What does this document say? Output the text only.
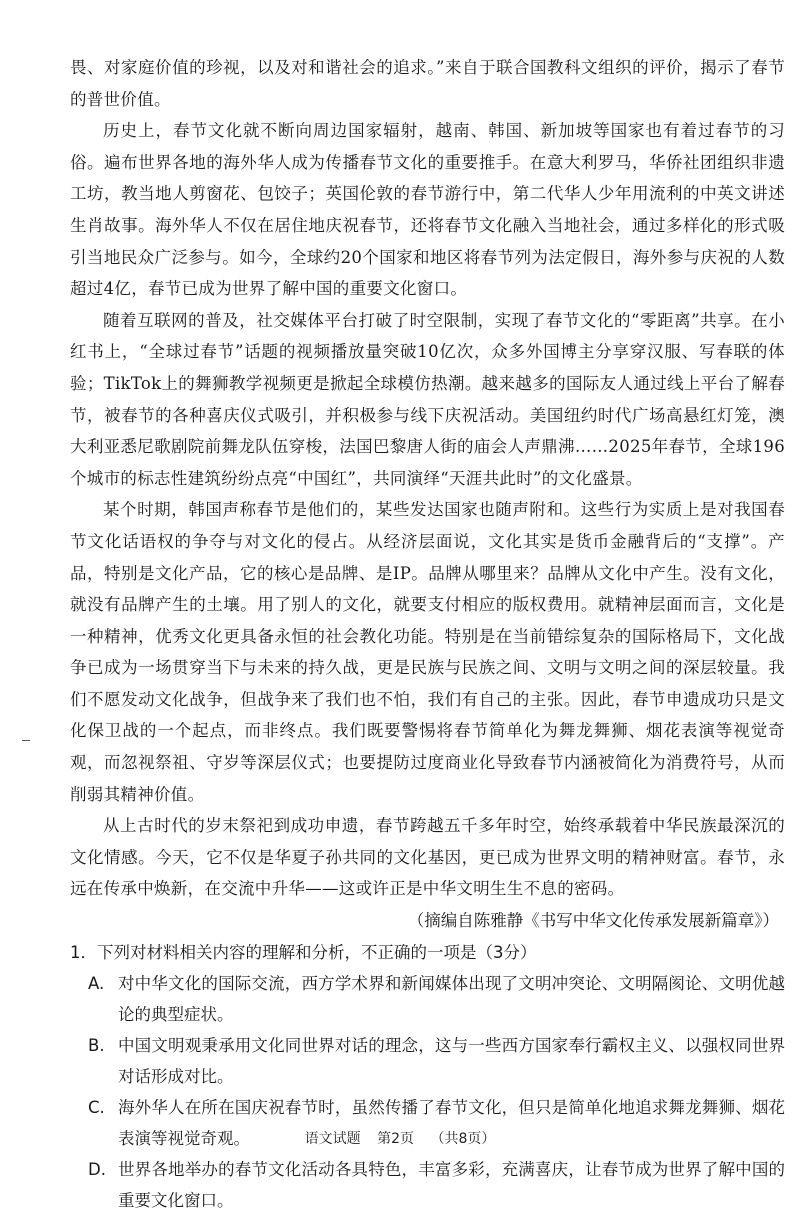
畏、对家庭价值的珍视，以及对和谐社会的追求。”来自于联合国教科文组织的评价，揭示了春节的普世价值。

历史上，春节文化就不断向周边国家辐射，越南、韩国、新加坡等国家也有着过春节的习俗。遍布世界各地的海外华人成为传播春节文化的重要推手。在意大利罗马，华侨社团组织非遗工坊，教当地人剪窗花、包饺子；英国伦敦的春节游行中，第二代华人少年用流利的中英文讲述生肖故事。海外华人不仅在居住地庆祝春节，还将春节文化融入当地社会，通过多样化的形式吸引当地民众广泛参与。如今，全球约20个国家和地区将春节列为法定假日，海外参与庆祝的人数超过4亿，春节已成为世界了解中国的重要文化窗口。

随着互联网的普及，社交媒体平台打破了时空限制，实现了春节文化的“零距离”共享。在小红书上，“全球过春节”话题的视频播放量突破10亿次，众多外国博主分享穿汉服、写春联的体验；TikTok上的舞狮教学视频更是掀起全球模仿热潮。越来越多的国际友人通过线上平台了解春节，被春节的各种喜庆仪式吸引，并积极参与线下庆祝活动。美国纽约时代广场高悬红灯笼，澳大利亚悉尼歌剧院前舞龙队伍穿梭，法国巴黎唐人街的庙会人声鼎沸……2025年春节，全球196个城市的标志性建筑纷纷点亮“中国红”，共同演绎“天涯共此时”的文化盛景。

某个时期，韩国声称春节是他们的，某些发达国家也随声附和。这些行为实质上是对我国春节文化话语权的争夺与对文化的侵占。从经济层面说，文化其实是货币金融背后的“支撑”。产品，特别是文化产品，它的核心是品牌、是IP。品牌从哪里来？品牌从文化中产生。没有文化，就没有品牌产生的土壤。用了别人的文化，就要支付相应的版权费用。就精神层面而言，文化是一种精神，优秀文化更具备永恒的社会教化功能。特别是在当前错综复杂的国际格局下，文化战争已成为一场贯穿当下与未来的持久战，更是民族与民族之间、文明与文明之间的深层较量。我们不愿发动文化战争，但战争来了我们也不怕，我们有自己的主张。因此，春节申遗成功只是文化保卫战的一个起点，而非终点。我们既要警惕将春节简单化为舞龙舞狮、烟花表演等视觉奇观，而忽视祭祖、守岁等深层仪式；也要提防过度商业化导致春节内涵被简化为消费符号，从而削弱其精神价值。

从上古时代的岁末祭祀到成功申遗，春节跨越五千多年时空，始终承载着中华民族最深沉的文化情感。今天，它不仅是华夏子孙共同的文化基因，更已成为世界文明的精神财富。春节，永远在传承中焕新，在交流中升华——这或许正是中华文明生生不息的密码。

（摘编自陈雅静《书写中华文化传承发展新篇章》）

1．下列对材料相关内容的理解和分析，不正确的一项是（3分）

A. 对中华文化的国际交流，西方学术界和新闻媒体出现了文明冲突论、文明隔阂论、文明优越论的典型症状。
B. 中国文明观秉承用文化同世界对话的理念，这与一些西方国家奉行霸权主义、以强权同世界对话形成对比。
C. 海外华人在所在国庆祝春节时，虽然传播了春节文化，但只是简单化地追求舞龙舞狮、烟花表演等视觉奇观。
D. 世界各地举办的春节文化活动各具特色，丰富多彩，充满喜庆，让春节成为世界了解中国的重要文化窗口。
语文试题 第2页 （共8页）
